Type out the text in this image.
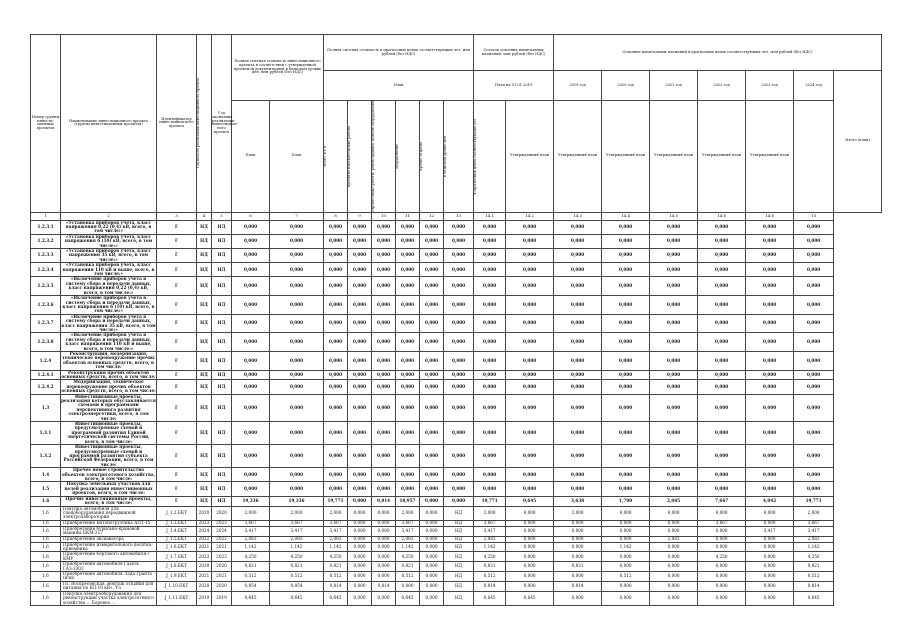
Номер группы инвести-ционных проектов	Наименование инвестиционного проекта (группы инвестиционных проектов)	Идентификатор инвестицион-ного проекта	Год начала реализации инвестиционного проекта	Год окончания реализации инвестицион-ного проекта	Полная сметная стоимость инвестиционного проекта в соответствии с утвержденной проектной документацией в базисном уровне цен, млн рублей (без НДС)		Полная сметная стоимость в прогнозных ценах соответствующих лет, млн рублей (без НДС)						Остаток освоения капитальных вложений, млн рублей (без НДС)		Освоение капитальных вложений в прогнозных ценах соответствующих лет, млн рублей (без НДС)						
							План						План на 01.01.2019		2019 год	2020 год	2021 год	2022 год	2023 год	2024 год	Итого (план)
					План	План	Всего, в т.ч.	проектно-изыскательские работы	строительные работы, реконструкция, монтаж оборудования	оборудование	прочие затраты	в базисном уровне цен	в прогнозных ценах соответствующих лет	Утвержденный план	Утвержденный план	Утвержденный план	Утвержденный план	Утвержденный план	Утвержденный план		
1	2	3	4	5	6	7	8	9	10	11	12	13	14.1	14.2	14.3	14.4	14.5	14.6	14.6	15	
1.2.3.1	«Установка приборов учета, класс напряжения 0,22 (0,4) кВ, всего, в том числе:»	Г	НД	НД	0,000	0,000	0,000	0,000	0,000	0,000	0,000	0,000	0,000	0,000	0,000	0,000	0,000	0,000	0,000	0,000	
1.2.3.2	«Установка приборов учета, класс напряжения 6 (10) кВ, всего, в том числе:»	Г	НД	НД	0,000	0,000	0,000	0,000	0,000	0,000	0,000	0,000	0,000	0,000	0,000	0,000	0,000	0,000	0,000	0,000	
1.2.3.3	«Установка приборов учета, класс напряжения 35 кВ, всего, в том числе:»	Г	НД	НД	0,000	0,000	0,000	0,000	0,000	0,000	0,000	0,000	0,000	0,000	0,000	0,000	0,000	0,000	0,000	0,000	
1.2.3.4	«Установка приборов учета, класс напряжения 110 кВ и выше, всего, в том числе:»	Г	НД	НД	0,000	0,000	0,000	0,000	0,000	0,000	0,000	0,000	0,000	0,000	0,000	0,000	0,000	0,000	0,000	0,000	
1.2.3.5	«Включение приборов учета в систему сбора и передачи данных, класс напряжения 0,22 (0,4) кВ, всего, в том числе:»	Г	НД	НД	0,000	0,000	0,000	0,000	0,000	0,000	0,000	0,000	0,000	0,000	0,000	0,000	0,000	0,000	0,000	0,000	
1.2.3.6	«Включение приборов учета в систему сбора и передачи данных, класс напряжения 6 (10) кВ, всего, в том числе:»	Г	НД	НД	0,000	0,000	0,000	0,000	0,000	0,000	0,000	0,000	0,000	0,000	0,000	0,000	0,000	0,000	0,000	0,000	
1.2.3.7	«Включение приборов учета в систему сбора и передачи данных, класс напряжения 35 кВ, всего, в том числе:»	Г	НД	НД	0,000	0,000	0,000	0,000	0,000	0,000	0,000	0,000	0,000	0,000	0,000	0,000	0,000	0,000	0,000	0,000	
1.2.3.8	«Включение приборов учета в систему сбора и передачи данных, класс напряжения 110 кВ и выше, всего, в том числе:»	Г	НД	НД	0,000	0,000	0,000	0,000	0,000	0,000	0,000	0,000	0,000	0,000	0,000	0,000	0,000	0,000	0,000	0,000	
1.2.4	Реконструкция, модернизация, техническое перевооружение прочих объектов основных средств, всего, в том числе:	Г	НД	НД	0,000	0,000	0,000	0,000	0,000	0,000	0,000	0,000	0,000	0,000	0,000	0,000	0,000	0,000	0,000	0,000	
1.2.4.1	Реконструкция прочих объектов основных средств, всего, в том числе:	Г	НД	НД	0,000	0,000	0,000	0,000	0,000	0,000	0,000	0,000	0,000	0,000	0,000	0,000	0,000	0,000	0,000	0,000	
1.2.4.2	Модернизация, техническое перевооружение прочих объектов основных средств, всего, в том числе:	Г	НД	НД	0,000	0,000	0,000	0,000	0,000	0,000	0,000	0,000	0,000	0,000	0,000	0,000	0,000	0,000	0,000	0,000	
1.3	Инвестиционные проекты, реализация которых обуславливается схемами и программами перспективного развития электроэнергетики, всего, в том числе:	Г	НД	НД	0,000	0,000	0,000	0,000	0,000	0,000	0,000	0,000	0,000	0,000	0,000	0,000	0,000	0,000	0,000	0,000	
1.3.1	Инвестиционные проекты, предусмотренные схемой и программой развития Единой энергетической системы России, всего, в том числе:	Г	НД	НД	0,000	0,000	0,000	0,000	0,000	0,000	0,000	0,000	0,000	0,000	0,000	0,000	0,000	0,000	0,000	0,000	
1.3.2	Инвестиционные проекты, предусмотренные схемой и программой развития субъекта Российской Федерации, всего, в том числе:	Г	НД	НД	0,000	0,000	0,000	0,000	0,000	0,000	0,000	0,000	0,000	0,000	0,000	0,000	0,000	0,000	0,000	0,000	
1.4	Прочее новое строительство объектов электросетевого хозяйства, всего, в том числе:	Г	НД	НД	0,000	0,000	0,000	0,000	0,000	0,000	0,000	0,000	0,000	0,000	0,000	0,000	0,000	0,000	0,000	0,000	
1.5	Покупка земельных участков для целей реализации инвестиционных проектов, всего, в том числе:	Г	НД	НД	0,000	0,000	0,000	0,000	0,000	0,000	0,000	0,000	0,000	0,000	0,000	0,000	0,000	0,000	0,000	0,000	
1.6	Прочие инвестиционные проекты, всего, в том числе:	Г	НД	НД	19,336	19,336	19,771	0,000	0,814	18,957	0,000	0,000	19,771	0,645	3,638	1,700	2,085	7,667	4,042	19,771	
1.6	Покупка автомобиля для спецоборудования передвижной электролаборатории	J_1.2.ЕКТ	2020	2020	2,000	2,000	2,000	0,000	0,000	2,000	0,000	НД	2,000	0,000	2,000	0,000	0,000	0,000	0,000	2,000	
1.6	Приобретение мотопогрузчика АПТ-15	J_1.3.ЕКТ	2023	2023	3,667	3,667	3,667	0,000	0,000	3,667	0,000	НД	3,667	0,000	0,000	0,000	0,000	3,667	0,000	3,667	
1.6	Приобретение бурильно-крановой машины БКМ-317	J_1.4.ЕКТ	2024	2024	3,417	3,417	3,417	0,000	0,000	3,417	0,000	НД	3,417	0,000	0,000	0,000	0,000	0,000	3,417	3,417	
1.6	Приобретение экскаватора	J_1.5.ЕКТ	2022	2022	2,083	2,083	2,083	0,000	0,000	2,083	0,000	НД	2,083	0,000	0,000	0,000	2,083	0,000	0,000	2,083	
1.6	Приобретение измерительного десятка-приемника	J_1.6.ЕКТ	2021	2021	1,142	1,142	1,142	0,000	0,000	1,142	0,000	НД	1,142	0,000	0,000	1,142	0,000	0,000	0,000	1,142	
1.6	Приобретение бортового автомобиля с КМУ	J_1.7.ЕКТ	2023	2023	4,250	4,250	4,250	0,000	0,000	4,250	0,000	НД	4,250	0,000	0,000	0,000	0,000	4,250	0,000	4,250	
1.6	Приобретение автомобиля Газель ГАЗ-3302	J_1.8.ЕКТ	2020	2020	0,821	0,821	0,821	0,000	0,000	0,821	0,000	НД	0,821	0,000	0,821	0,000	0,000	0,000	0,000	0,821	
1.6	Приобретение автомобиля Лада Гранта (или)	J_1.9.ЕКТ	2021	2021	0,512	0,512	0,512	0,000	0,000	0,512	0,000	НД	0,512	0,000	0,000	0,512	0,000	0,000	0,000	0,512	
1.6	ПС Воскресенская, монтаж отпайки для питания по ВЛ-10 кВ», Ул	J_1.10.ЕКТ	2020	2020	0,854	0,854	0,814	0,000	0,814	0,000	0,000	НД	0,814	0,000	0,814	0,000	0,000	0,000	0,000	0,814	
1.6	Покупка электрооборудования для реконструкции участка электросетевого хозяйства ... Боровое ...	J_1.11.ЕКТ	2019	2019	0,645	0,645	0,645	0,000	0,000	0,645	0,000	НД	0,645	0,645	0,000	0,000	0,000	0,000	0,000	0,645	
